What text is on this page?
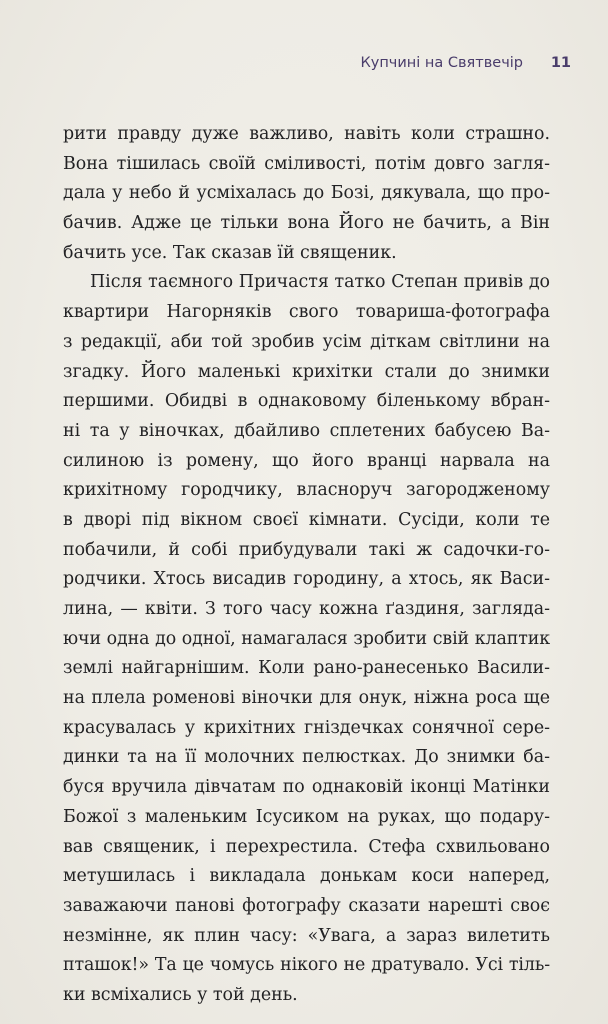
Купчині на Святвечір 11
рити правду дуже важливо, навіть коли страшно.
Вона тішилась своїй сміливості, потім довго загля-
дала у небо й усміхалась до Бозі, дякувала, що про-
бачив. Адже це тільки вона Його не бачить, а Він
бачить усе. Так сказав їй священик.
Після таємного Причастя татко Степан привів до
квартири Нагорняків свого товариша-фотографа
з редакції, аби той зробив усім діткам світлини на
згадку. Його маленькі крихітки стали до знимки
першими. Обидві в однаковому біленькому вбран-
ні та у віночках, дбайливо сплетених бабусею Ва-
силиною із ромену, що його вранці нарвала на
крихітному городчику, власноруч загородженому
в дворі під вікном своєї кімнати. Сусіди, коли те
побачили, й собі прибудували такі ж садочки-го-
родчики. Хтось висадив городину, а хтось, як Васи-
лина, — квіти. З того часу кожна ґаздиня, загляда-
ючи одна до одної, намагалася зробити свій клаптик
землі найгарнішим. Коли рано-ранесенько Васили-
на плела роменові віночки для онук, ніжна роса ще
красувалась у крихітних гніздечках сонячної сере-
динки та на її молочних пелюстках. До знимки ба-
буся вручила дівчатам по однаковій іконці Матінки
Божої з маленьким Ісусиком на руках, що подару-
вав священик, і перехрестила. Стефа схвильовано
метушилась і викладала донькам коси наперед,
заважаючи панові фотографу сказати нарешті своє
незмінне, як плин часу: «Увага, а зараз вилетить
пташок!» Та це чомусь нікого не дратувало. Усі тіль-
ки всміхались у той день.
